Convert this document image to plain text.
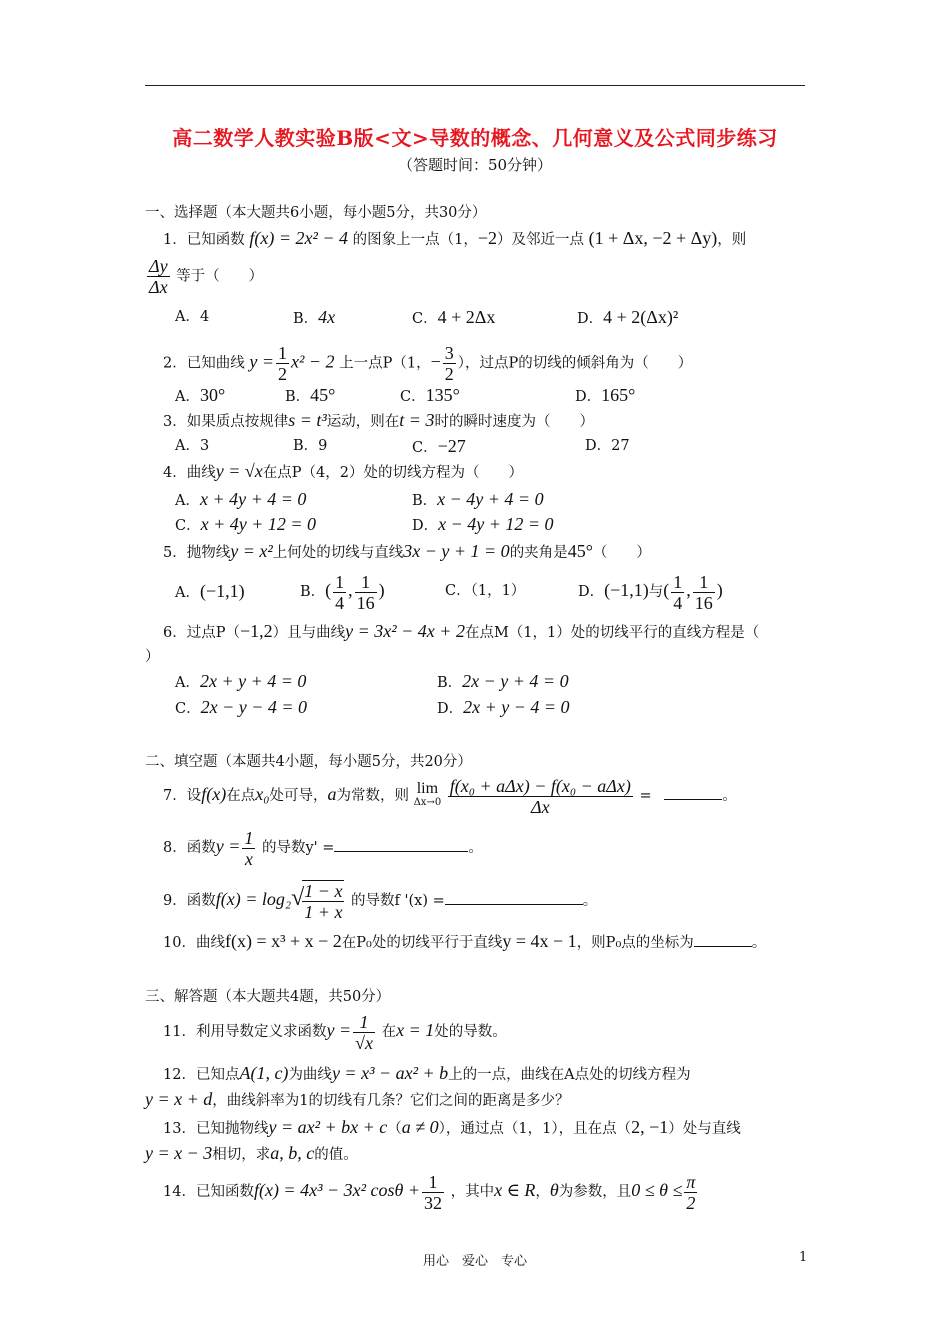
高二数学人教实验B版<文>导数的概念、几何意义及公式同步练习
（答题时间：50分钟）
一、选择题（本大题共6小题，每小题5分，共30分）
1．已知函数 f(x) = 2x² − 4 的图象上一点（1，−2）及邻近一点 (1 + Δx, −2 + Δy)，则
$\frac{\Delta y}{\Delta x}$ 等于（　　）
A．4	B．4x	C．4 + 2Δx	D．4 + 2(Δx)²
2．已知曲线 $y = \frac{1}{2} x^2 - 2$ 上一点P（1，− $\frac{3}{2}$ ），过点P的切线的倾斜角为（　　）
A．30°	B．45°	C．135°	D．165°
3．如果质点按规律s = t³运动，则在t = 3时的瞬时速度为（　　）
A．3	B．9	C．−27	D．27
4．曲线y = √x在点P（4，2）处的切线方程为（　　）
A．x + 4y + 4 = 0	B．x − 4y + 4 = 0
C．x + 4y + 12 = 0	D．x − 4y + 12 = 0
5．抛物线y = x²上何处的切线与直线3x − y + 1 = 0的夹角是45°（　　）
A．(−1,1)	B．( $\frac{1}{4}$ , $\frac{1}{16}$ )	C．（1，1）	D．(−1,1)与( $\frac{1}{4}$ , $\frac{1}{16}$ )
6．过点P（−1,2）且与曲线y = 3x² − 4x + 2在点M（1，1）处的切线平行的直线方程是（
）
A．2x + y + 4 = 0	B．2x − y + 4 = 0
C．2x − y − 4 = 0	D．2x + y − 4 = 0
二、填空题（本题共4小题，每小题5分，共20分）
7．设f(x)在点x₀处可导，a为常数，则 lim
Δx→0
$\frac{\text{f(x₀ + aΔx) − f(x₀ − aΔx)}}{\Delta x}$ =	。
8．函数$y = \frac{1}{x}$ 的导数y' =	。
9．函数f(x) = log₂√
$\frac{1 - x}{1 + x}$ 的导数f '(x) =	。
10．曲线f(x) = x³ + x − 2在P₀处的切线平行于直线y = 4x − 1，则P₀点的坐标为	。
三、解答题（本大题共4题，共50分）
11．利用导数定义求函数$y = \frac{1}{√x}$ 在x = 1处的导数。
12．已知点A(1, c)为曲线y = x³ − ax² + b上的一点，曲线在A点处的切线方程为
y = x + d，曲线斜率为1的切线有几条？它们之间的距离是多少？
13．已知抛物线y = ax² + bx + c（a ≠ 0），通过点（1，1），且在点（2, −1）处与直线
y = x − 3相切，求a, b, c的值。
14．已知函数f(x) = 4x³ − 3x² $\cos\theta + \frac{1}{32}$ ，其中x ∈ R，θ为参数，且$0 \le \theta \le \frac{\pi}{2}$
用心　爱心　专心	1
